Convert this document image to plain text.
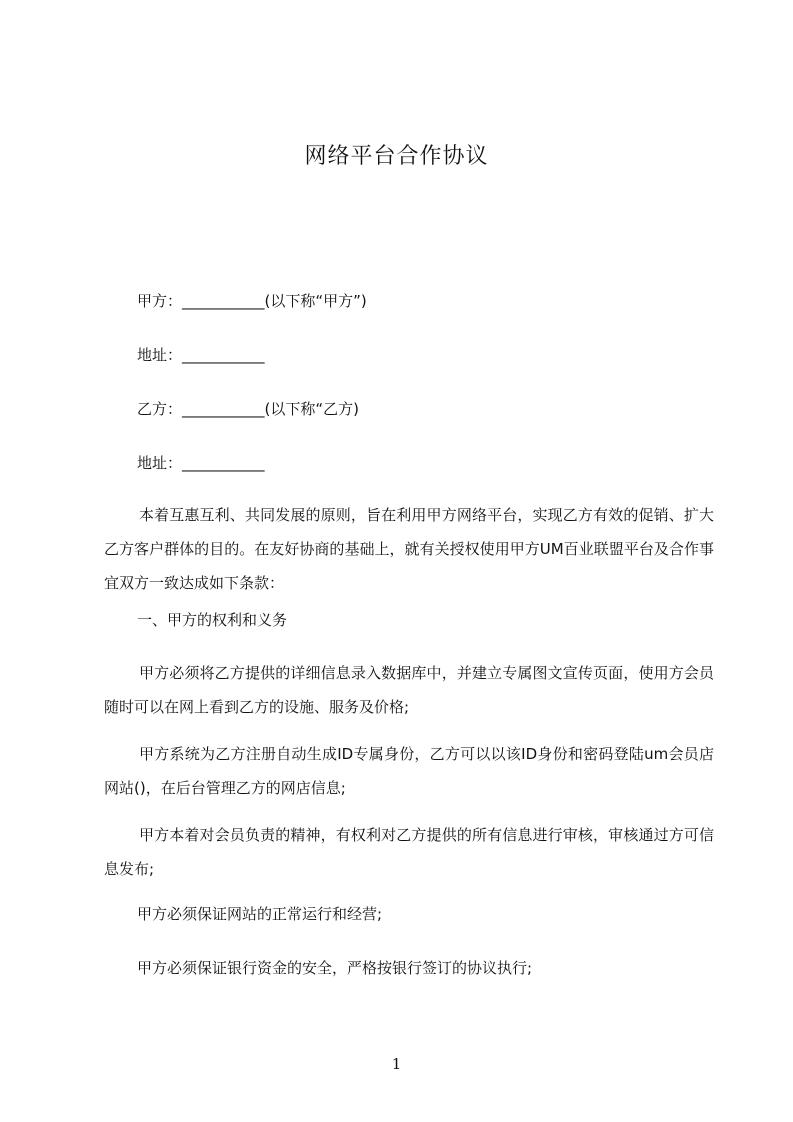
网络平台合作协议
甲方：___________(以下称“甲方”)
地址：___________
乙方：___________(以下称“乙方)
地址：___________
本着互惠互利、共同发展的原则，旨在利用甲方网络平台，实现乙方有效的促销、扩大乙方客户群体的目的。在友好协商的基础上，就有关授权使用甲方UM百业联盟平台及合作事宜双方一致达成如下条款：
一、甲方的权利和义务
甲方必须将乙方提供的详细信息录入数据库中，并建立专属图文宣传页面，使用方会员随时可以在网上看到乙方的设施、服务及价格;
甲方系统为乙方注册自动生成ID专属身份，乙方可以以该ID身份和密码登陆um会员店网站()，在后台管理乙方的网店信息;
甲方本着对会员负责的精神，有权利对乙方提供的所有信息进行审核，审核通过方可信息发布;
甲方必须保证网站的正常运行和经营;
甲方必须保证银行资金的安全，严格按银行签订的协议执行;
1
